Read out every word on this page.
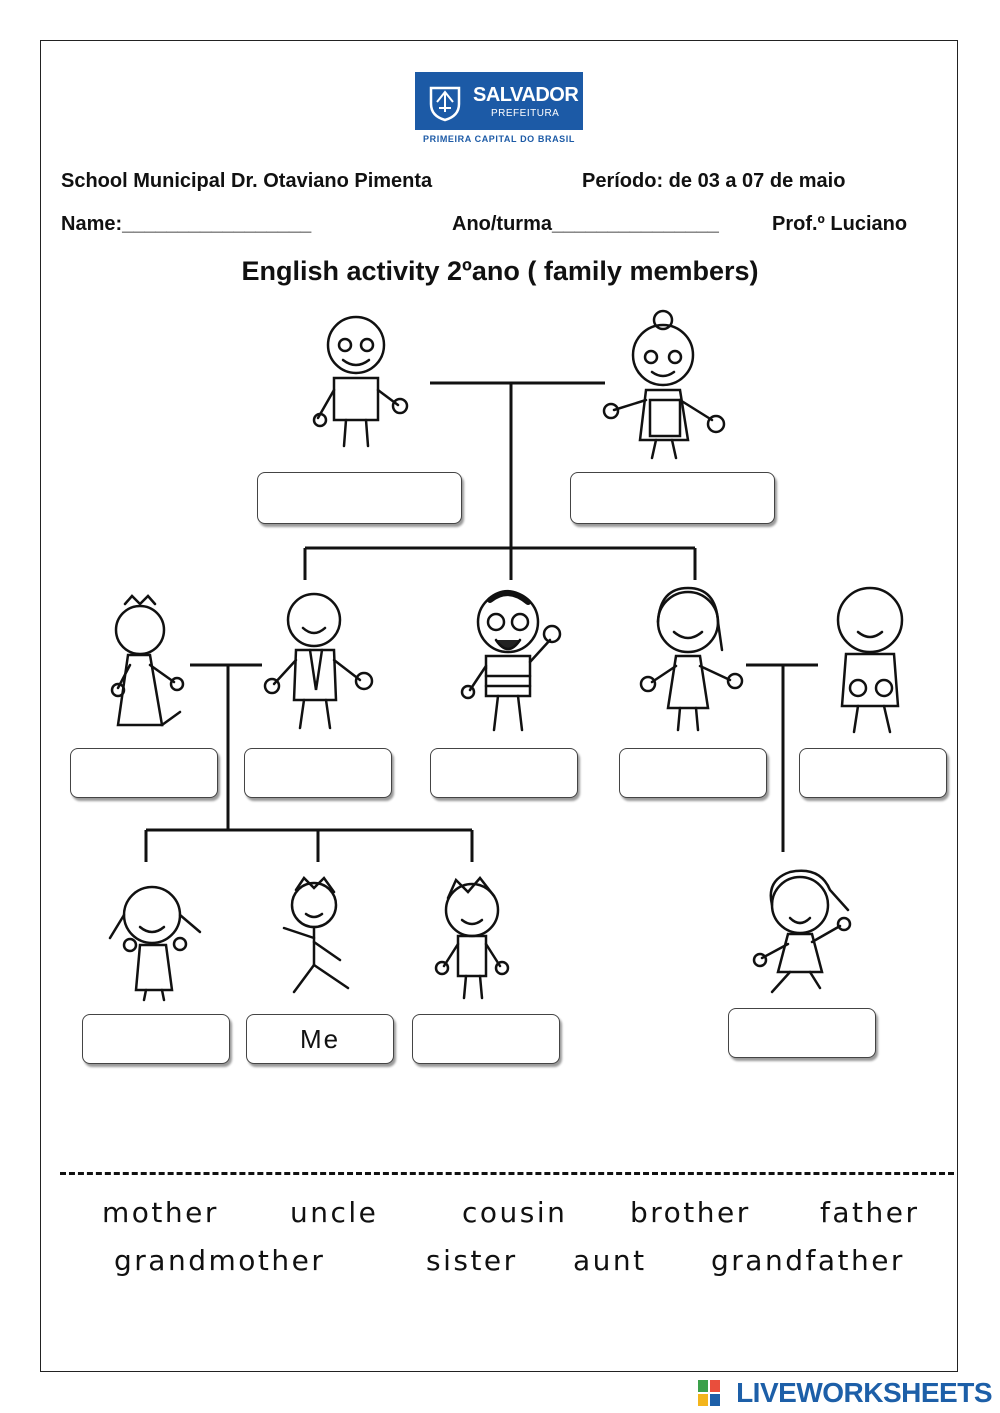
SALVADOR
PREFEITURA
PRIMEIRA CAPITAL DO BRASIL
School Municipal Dr. Otaviano Pimenta	Período: de 03 a 07 de maio
Name:_________________	Ano/turma_______________	Prof.º Luciano
English activity 2ºano ( family members)
Me
mother	uncle	cousin brother father
grandmother	sister aunt grandfather
LIVEWORKSHEETS
